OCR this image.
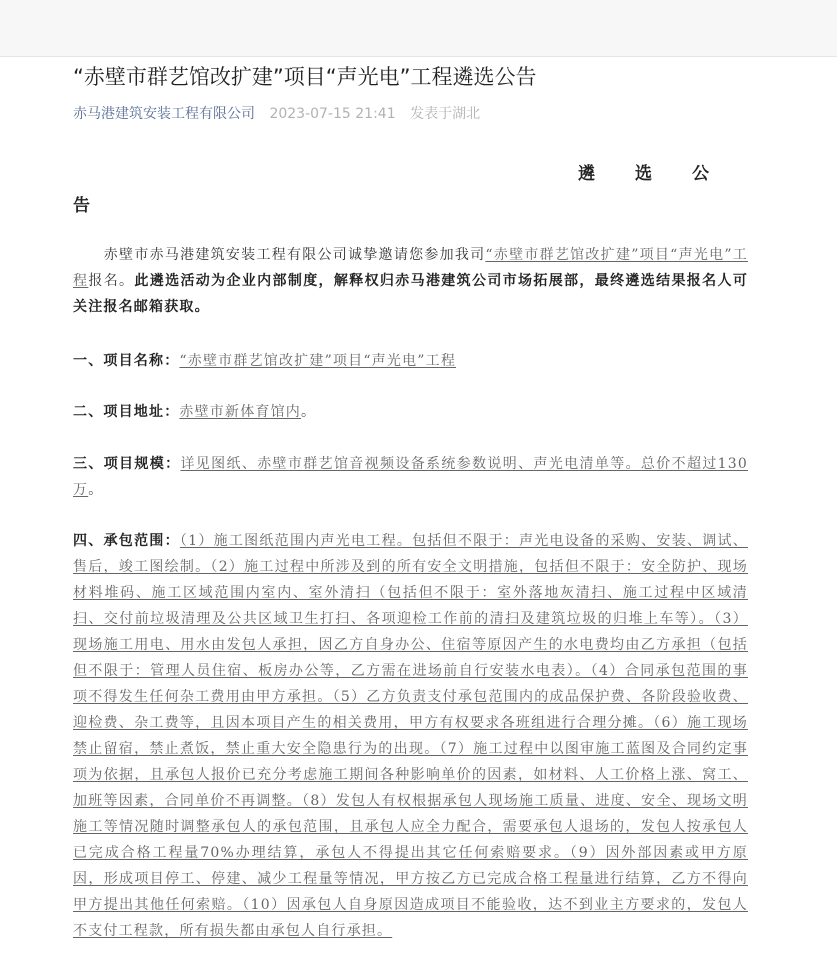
“赤壁市群艺馆改扩建”项目“声光电”工程遴选公告
赤马港建筑安装工程有限公司 2023-07-15 21:41 发表于湖北
遴选公
告
赤壁市赤马港建筑安装工程有限公司诚挚邀请您参加我司“赤壁市群艺馆改扩建”项目“声光电”工程报名。此遴选活动为企业内部制度，解释权归赤马港建筑公司市场拓展部，最终遴选结果报名人可关注报名邮箱获取。
一、项目名称：“赤壁市群艺馆改扩建”项目“声光电”工程
二、项目地址：赤壁市新体育馆内。
三、项目规模：详见图纸、赤壁市群艺馆音视频设备系统参数说明、声光电清单等。总价不超过130万。
四、承包范围：（1）施工图纸范围内声光电工程。包括但不限于：声光电设备的采购、安装、调试、售后，竣工图绘制。（2）施工过程中所涉及到的所有安全文明措施，包括但不限于：安全防护、现场材料堆码、施工区域范围内室内、室外清扫（包括但不限于：室外落地灰清扫、施工过程中区域清扫、交付前垃圾清理及公共区域卫生打扫、各项迎检工作前的清扫及建筑垃圾的归堆上车等）。（3）现场施工用电、用水由发包人承担，因乙方自身办公、住宿等原因产生的水电费均由乙方承担（包括但不限于：管理人员住宿、板房办公等，乙方需在进场前自行安装水电表）。（4）合同承包范围的事项不得发生任何杂工费用由甲方承担。（5）乙方负责支付承包范围内的成品保护费、各阶段验收费、迎检费、杂工费等，且因本项目产生的相关费用，甲方有权要求各班组进行合理分摊。（6）施工现场禁止留宿，禁止煮饭，禁止重大安全隐患行为的出现。（7）施工过程中以图审施工蓝图及合同约定事项为依据，且承包人报价已充分考虑施工期间各种影响单价的因素，如材料、人工价格上涨、窝工、加班等因素，合同单价不再调整。（8）发包人有权根据承包人现场施工质量、进度、安全、现场文明施工等情况随时调整承包人的承包范围，且承包人应全力配合，需要承包人退场的，发包人按承包人已完成合格工程量70%办理结算，承包人不得提出其它任何索赔要求。（9）因外部因素或甲方原因，形成项目停工、停建、减少工程量等情况，甲方按乙方已完成合格工程量进行结算，乙方不得向甲方提出其他任何索赔。（10）因承包人自身原因造成项目不能验收，达不到业主方要求的，发包人不支付工程款，所有损失都由承包人自行承担。
